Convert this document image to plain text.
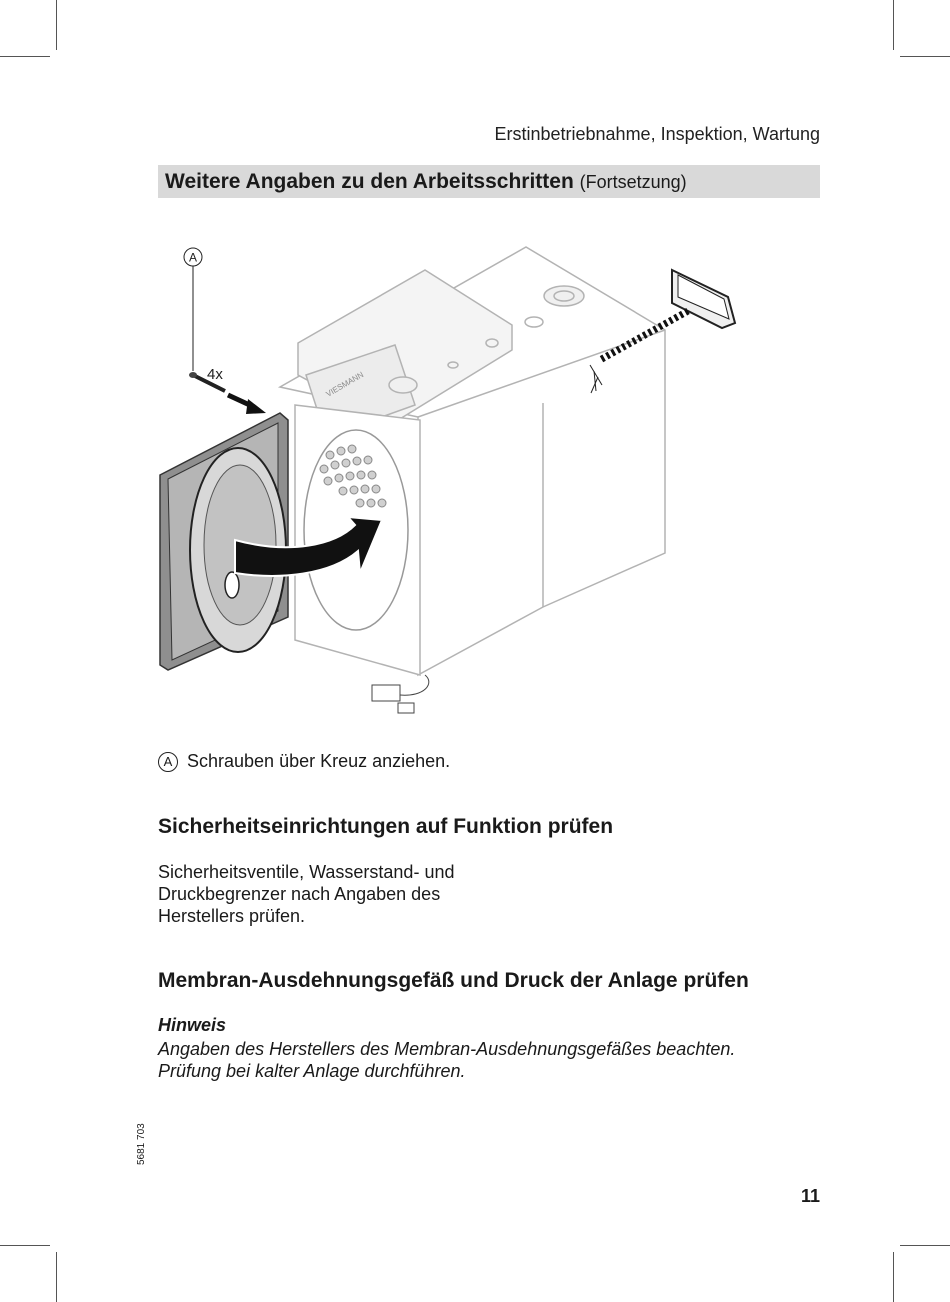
Erstinbetriebnahme, Inspektion, Wartung
Weitere Angaben zu den Arbeitsschritten (Fortsetzung)
VIESMANN
A
4x
A Schrauben über Kreuz anziehen.
Sicherheitseinrichtungen auf Funktion prüfen
Sicherheitsventile, Wasserstand- und
Druckbegrenzer nach Angaben des
Herstellers prüfen.
Membran-Ausdehnungsgefäß und Druck der Anlage prüfen
Hinweis
Angaben des Herstellers des Membran-Ausdehnungsgefäßes beachten.
Prüfung bei kalter Anlage durchführen.
5681 703
11
